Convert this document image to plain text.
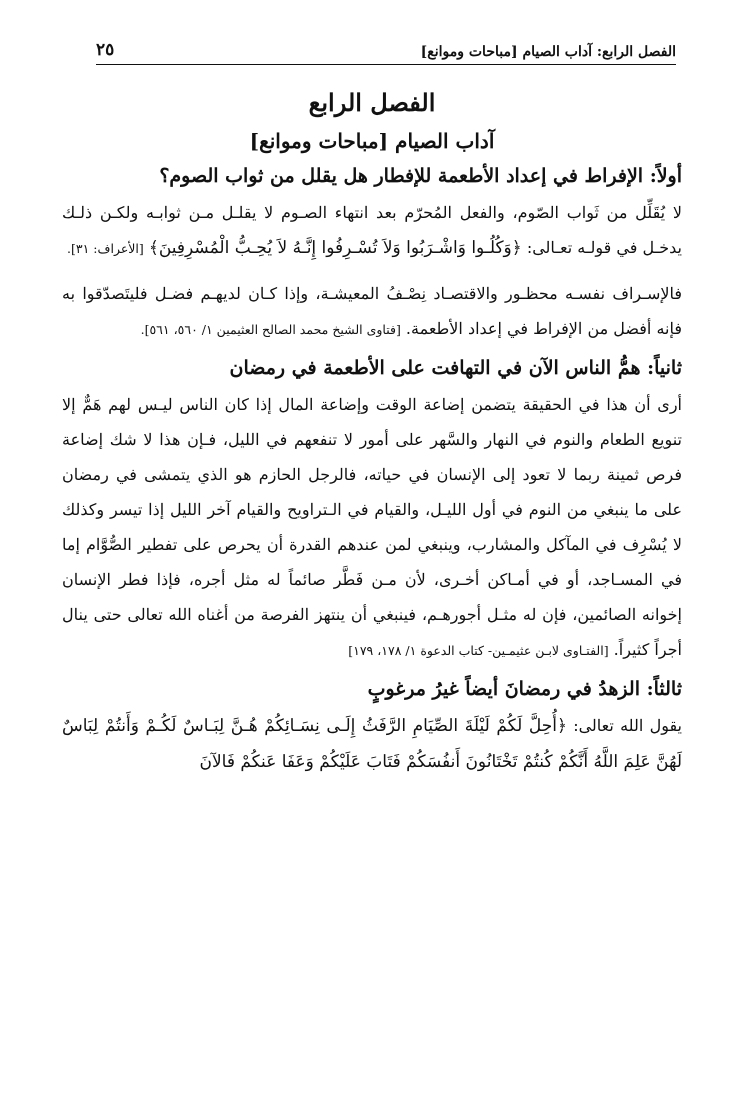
الفصل الرابع: آداب الصيام [مباحات وموانع]
٢٥
الفصل الرابع
آداب الصيام [مباحات وموانع]
أولاً: الإفراط في إعداد الأطعمة للإفطار هل يقلل من ثواب الصوم؟

لا يُقَلِّل من ثَواب الصّوم، والفعل المُحرّم بعد انتهاء الصـوم لا يقلـل مـن ثوابـه ولكـن ذلـك يدخـل في قولـه تعـالى: ﴿وَكُلُـوا وَاشْـرَبُوا وَلاَ تُسْـرِفُوا إِنَّـهُ لاَ يُحِـبُّ الْمُسْرِفِينَ﴾ [الأعراف: ٣١].

فالإسـراف نفسـه محظـور والاقتصـاد نِصْـفُ المعيشـة، وإذا كـان لديهـم فضـل فليتَصدّقوا به فإنه أفضل من الإفراط في إعداد الأطعمة. [فتاوى الشيخ محمد الصالح العثيمين ١/ ٥٦٠، ٥٦١].

ثانياً: همُّ الناس الآن في التهافت على الأطعمة في رمضان

أرى أن هذا في الحقيقة يتضمن إضاعة الوقت وإضاعة المال إذا كان الناس ليـس لهم هَمٌّ إلا تنويع الطعام والنوم في النهار والسَّهر على أمور لا تنفعهم في الليل، فـإن هذا لا شك إضاعة فرص ثمينة ربما لا تعود إلى الإنسان في حياته، فالرجل الحازم هو الذي يتمشى في رمضان على ما ينبغي من النوم في أول الليـل، والقيام في الـتراويح والقيام آخر الليل إذا تيسر وكذلك لا يُسْرِف في المآكل والمشارب، وينبغي لمن عندهم القدرة أن يحرص على تفطير الصُّوَّام إما في المسـاجد، أو في أمـاكن أخـرى، لأن مـن فَطَّر صائماً له مثل أجره، فإذا فطر الإنسان إخوانه الصائمين، فإن له مثـل أجورهـم، فينبغي أن ينتهز الفرصة من أغناه الله تعالى حتى ينال أجراً كثيراً. [الفتـاوى لابـن عثيمـين- كتاب الدعوة ١/ ١٧٨، ١٧٩]

ثالثاً: الزهدُ في رمضانَ أيضاً غيرُ مرغوبٍ

يقول الله تعالى: ﴿أُحِلَّ لَكُمْ لَيْلَةَ الصِّيَامِ الرَّفَثُ إِلَـى نِسَـائِكُمْ هُـنَّ لِبَـاسٌ لَكُـمْ وَأَنتُمْ لِبَاسٌ لَهُنَّ عَلِمَ اللَّهُ أَنَّكُمْ كُنتُمْ تَخْتَانُونَ أَنفُسَكُمْ فَتَابَ عَلَيْكُمْ وَعَفَا عَنكُمْ فَالآنَ
